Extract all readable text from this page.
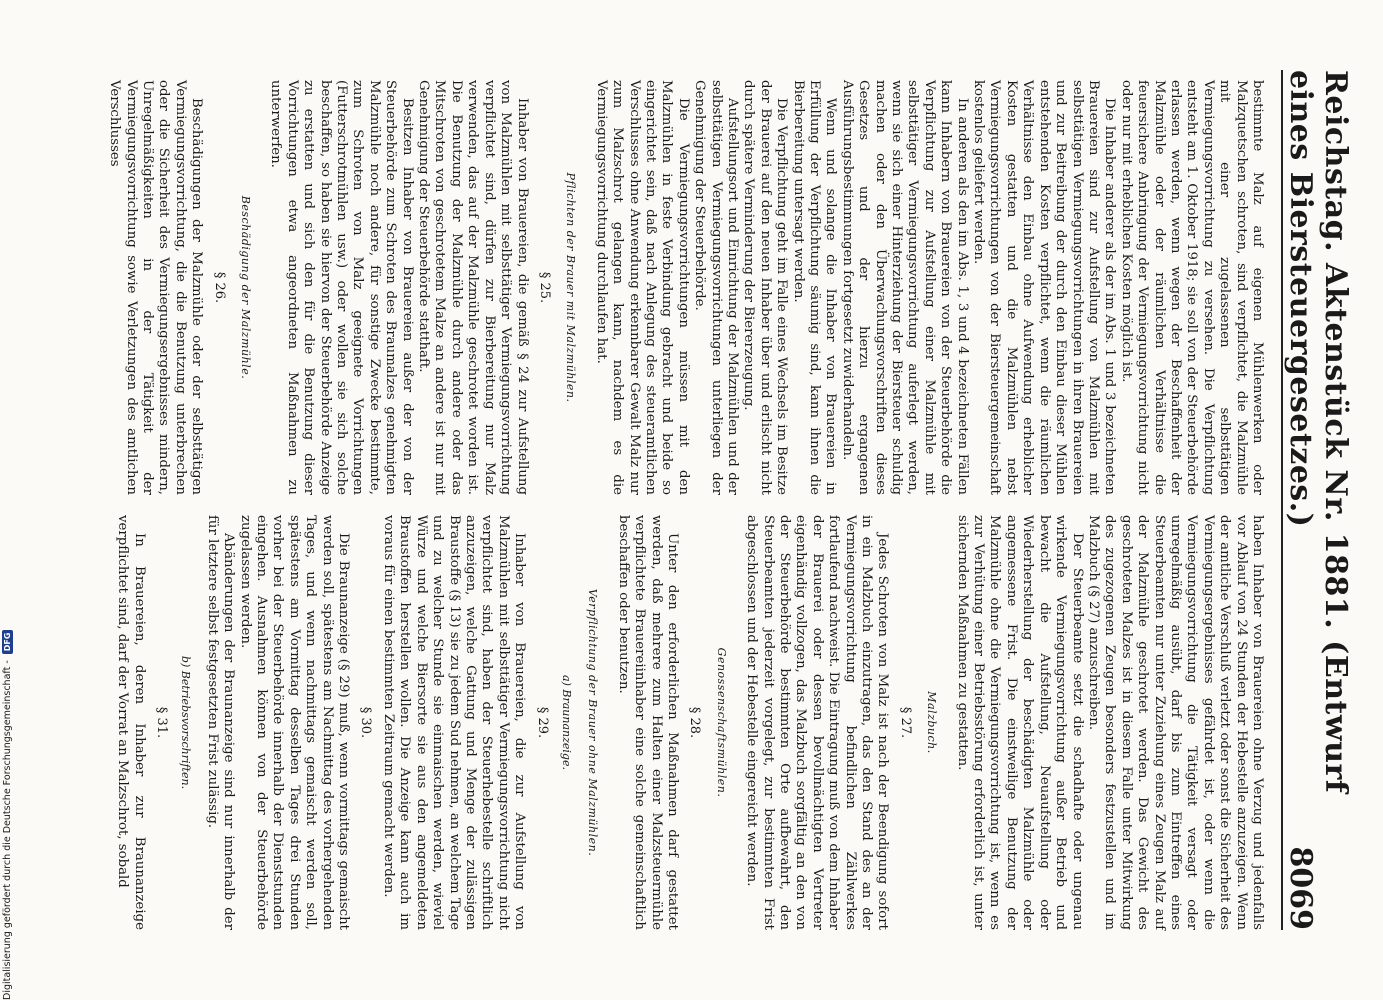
Reichstag. Aktenstück Nr. 1881. (Entwurf eines Biersteuergesetzes.)
8069
bestimmte Malz auf eigenen Mühlenwerken oder Malzquetschen schroten, sind verpflichtet, die Malzmühle mit einer zugelassenen selbsttätigen Vermiegungsvorrichtung zu versehen. Die Verpflichtung entsteht am 1. Oktober 1918; sie soll von der Steuerbehörde erlassen werden, wenn wegen der Beschaffenheit der Malzmühle oder der räumlichen Verhältnisse die feuersichere Anbringung der Vermiegungsvorrichtung nicht oder nur mit erheblichen Kosten möglich ist.
Die Inhaber anderer als der im Abs. 1 und 3 bezeichneten Brauereien sind zur Aufstellung von Malzmühlen mit selbsttätigen Vermiegungsvorrichtungen in ihren Brauereien und zur Beitreibung der durch den Einbau dieser Mühlen entstehenden Kosten verpflichtet, wenn die räumlichen Verhältnisse den Einbau ohne Aufwendung erheblicher Kosten gestatten und die Malzmühlen nebst Vermiegungsvorrichtungen von der Biersteuergemeinschaft kostenlos geliefert werden.
In anderen als den im Abs. 1, 3 und 4 bezeichneten Fällen kann Inhabern von Brauereien von der Steuerbehörde die Verpflichtung zur Aufstellung einer Malzmühle mit selbsttätiger Vermiegungsvorrichtung auferlegt werden, wenn sie sich einer Hinterziehung der Biersteuer schuldig machen oder den Überwachungsvorschriften dieses Gesetzes und der hierzu ergangenen Ausführungsbestimmungen fortgesetzt zuwiderhandeln.
Wenn und solange die Inhaber von Brauereien in Erfüllung der Verpflichtung säumig sind, kann ihnen die Bierbereitung untersagt werden.
Die Verpflichtung geht im Falle eines Wechsels im Besitze der Brauerei auf den neuen Inhaber über und erlischt nicht durch spätere Verminderung der Biererzeugung.
Aufstellungsort und Einrichtung der Malzmühlen und der selbsttätigen Vermiegungsvorrichtungen unterliegen der Genehmigung der Steuerbehörde.
Die Vermiegungsvorrichtungen müssen mit den Malzmühlen in feste Verbindung gebracht und beide so eingerichtet sein, daß nach Anlegung des steueramtlichen Verschlusses ohne Anwendung erkennbarer Gewalt Malz nur zum Malzschrot gelangen kann, nachdem es die Vermiegungsvorrichtung durchlaufen hat.
Pflichten der Brauer mit Malzmühlen.
§ 25.
Inhaber von Brauereien, die gemäß § 24 zur Aufstellung von Malzmühlen mit selbsttätiger Vermiegungsvorrichtung verpflichtet sind, dürfen zur Bierbereitung nur Malz verwenden, das auf der Malzmühle geschrotet worden ist. Die Benutzung der Malzmühle durch andere oder das Mitschroten von geschrotetem Malze an andere ist nur mit Genehmigung der Steuerbehörde statthaft.
Besitzen Inhaber von Brauereien außer der von der Steuerbehörde zum Schroten des Braumalzes genehmigten Malzmühle noch andere, für sonstige Zwecke bestimmte, zum Schroten von Malz geeignete Vorrichtungen (Futterschrotmühlen usw.) oder wollen sie sich solche beschaffen, so haben sie hiervon der Steuerbehörde Anzeige zu erstatten und sich den für die Benutzung dieser Vorrichtungen etwa angeordneten Maßnahmen zu unterwerfen.
Beschädigung der Malzmühle.
§ 26.
Beschädigungen der Malzmühle oder der selbsttätigen Vermiegungsvorrichtung, die die Benutzung unterbrechen oder die Sicherheit des Vermiegungsergebnisses mindern, Unregelmäßigkeiten in der Tätigkeit der Vermiegungsvorrichtung sowie Verletzungen des amtlichen Verschlusses
haben Inhaber von Brauereien ohne Verzug und jedenfalls vor Ablauf von 24 Stunden der Hebestelle anzuzeigen. Wenn der amtliche Verschluß verletzt oder sonst die Sicherheit des Vermiegungsergebnisses gefährdet ist, oder wenn die Vermiegungsvorrichtung die Tätigkeit versagt oder unregelmäßig ausübt, darf bis zum Eintreffen eines Steuerbeamten nur unter Zuziehung eines Zeugen Malz auf der Malzmühle geschrotet werden. Das Gewicht des geschroteten Malzes ist in diesem Falle unter Mitwirkung des zugezogenen Zeugen besonders festzustellen und im Malzbuch (§ 27) anzuschreiben.
Der Steuerbeamte setzt die schadhafte oder ungenau wirkende Vermiegungsvorrichtung außer Betrieb und bewacht die Aufstellung, Neuaufstellung oder Wiederherstellung der beschädigten Malzmühle oder angemessene Frist. Die einstweilige Benutzung der Malzmühle ohne die Vermiegungsvorrichtung ist, wenn es zur Verhütung einer Betriebsstörung erforderlich ist, unter sichernden Maßnahmen zu gestatten.
Malzbuch.
§ 27.
Jedes Schroten von Malz ist nach der Beendigung sofort in ein Malzbuch einzutragen, das den Stand des an der Vermiegungsvorrichtung befindlichen Zählwerkes fortlaufend nachweist. Die Eintragung muß von dem Inhaber der Brauerei oder dessen bevollmächtigten Vertreter eigenhändig vollzogen, das Malzbuch sorgfältig an den von der Steuerbehörde bestimmten Orte aufbewahrt, den Steuerbeamten jederzeit vorgelegt, zur bestimmten Frist abgeschlossen und der Hebestelle eingereicht werden.
Genossenschaftsmühlen.
§ 28.
Unter den erforderlichen Maßnahmen darf gestattet werden, daß mehrere zum Halten einer Malzsteuermühle verpflichtete Brauereiinhaber eine solche gemeinschaftlich beschaffen oder benutzen.
Verpflichtung der Brauer ohne Malzmühlen.
a) Braunanzeige.
§ 29.
Inhaber von Brauereien, die zur Aufstellung von Malzmühlen mit selbsttätiger Vermiegungsvorrichtung nicht verpflichtet sind, haben der Steuerhebestelle schriftlich anzuzeigen, welche Gattung und Menge der zulässigen Braustoffe (§ 13) sie zu jedem Sud nehmen, an welchem Tage und zu welcher Stunde sie einmaischen werden, wieviel Würze und welche Biersorte sie aus den angemeldeten Braustoffen herstellen wollen. Die Anzeige kann auch im voraus für einen bestimmten Zeitraum gemacht werden.
§ 30.
Die Braunanzeige (§ 29) muß, wenn vormittags gemaischt werden soll, spätestens am Nachmittag des vorhergehenden Tages, und wenn nachmittags gemaischt werden soll, spätestens am Vormittag desselben Tages drei Stunden vorher bei der Steuerbehörde innerhalb der Dienststunden eingehen. Ausnahmen können von der Steuerbehörde zugelassen werden.
Abänderungen der Braunanzeige sind nur innerhalb der für letztere selbst festgesetzten Frist zulässig.
b) Betriebsvorschriften.
§ 31.
In Brauereien, deren Inhaber zur Braunanzeige verpflichtet sind, darf der Vorrat an Malzschrot, sobald
Digitalisierung gefördert durch die Deutsche Forschungsgemeinschaft -
DFG
